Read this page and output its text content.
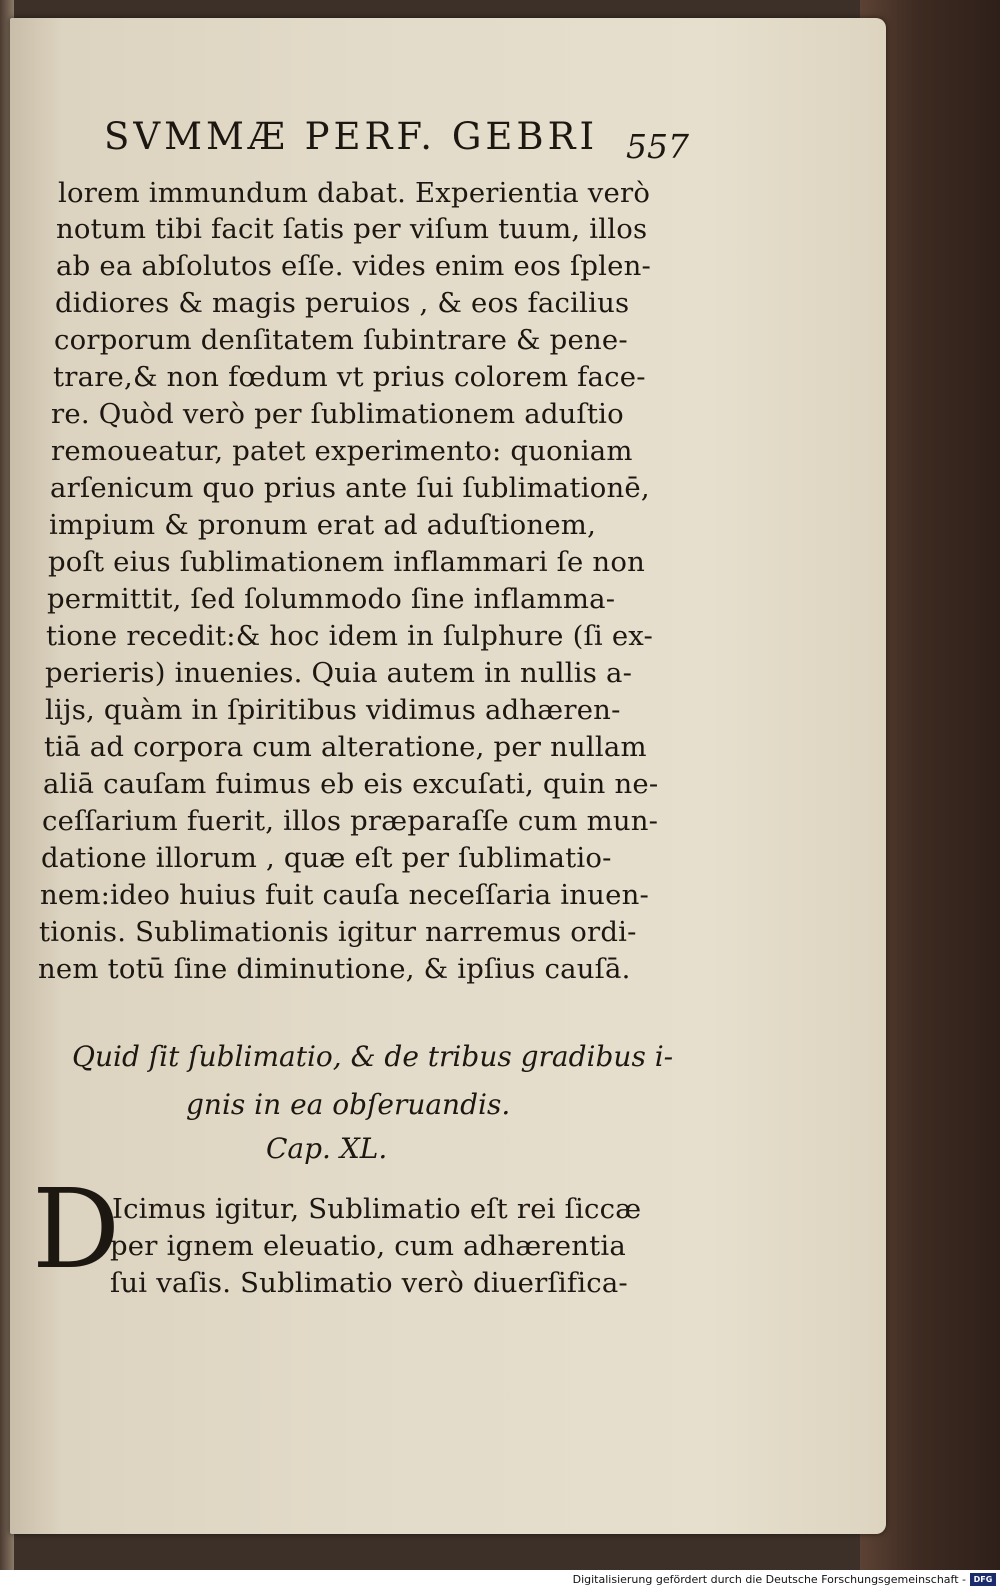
SVMMÆ PERF. GEBRI 557
lorem immundum dabat. Experientia verò
notum tibi facit ſatis per viſum tuum, illos
ab ea abſolutos eſſe. vides enim eos ſplen-
didiores & magis peruios , & eos facilius
corporum denſitatem ſubintrare & pene-
trare,& non fœdum vt prius colorem face-
re. Quòd verò per ſublimationem aduſtio
remoueatur, patet experimento: quoniam
arſenicum quo prius ante ſui ſublimationē,
impium & pronum erat ad aduſtionem,
poſt eius ſublimationem inflammari ſe non
permittit, ſed ſolummodo ſine inflamma-
tione recedit:& hoc idem in ſulphure (ſi ex-
perieris) inuenies. Quia autem in nullis a-
lijs, quàm in ſpiritibus vidimus adhæren-
tiā ad corpora cum alteratione, per nullam
aliā cauſam fuimus eb eis excuſati, quin ne-
ceſſarium fuerit, illos præparaſſe cum mun-
datione illorum , quæ eſt per ſublimatio-
nem:ideo huius fuit cauſa neceſſaria inuen-
tionis. Sublimationis igitur narremus ordi-
nem totū ſine diminutione, & ipſius cauſā.
Quid ſit ſublimatio, & de tribus gradibus i-
gnis in ea obſeruandis.
Cap. XL.
D
Icimus igitur, Sublimatio eſt rei ſiccæ
per ignem eleuatio, cum adhærentia
ſui vaſis. Sublimatio verò diuerſifica-
Digitalisierung gefördert durch die Deutsche Forschungsgemeinschaft - DFG
